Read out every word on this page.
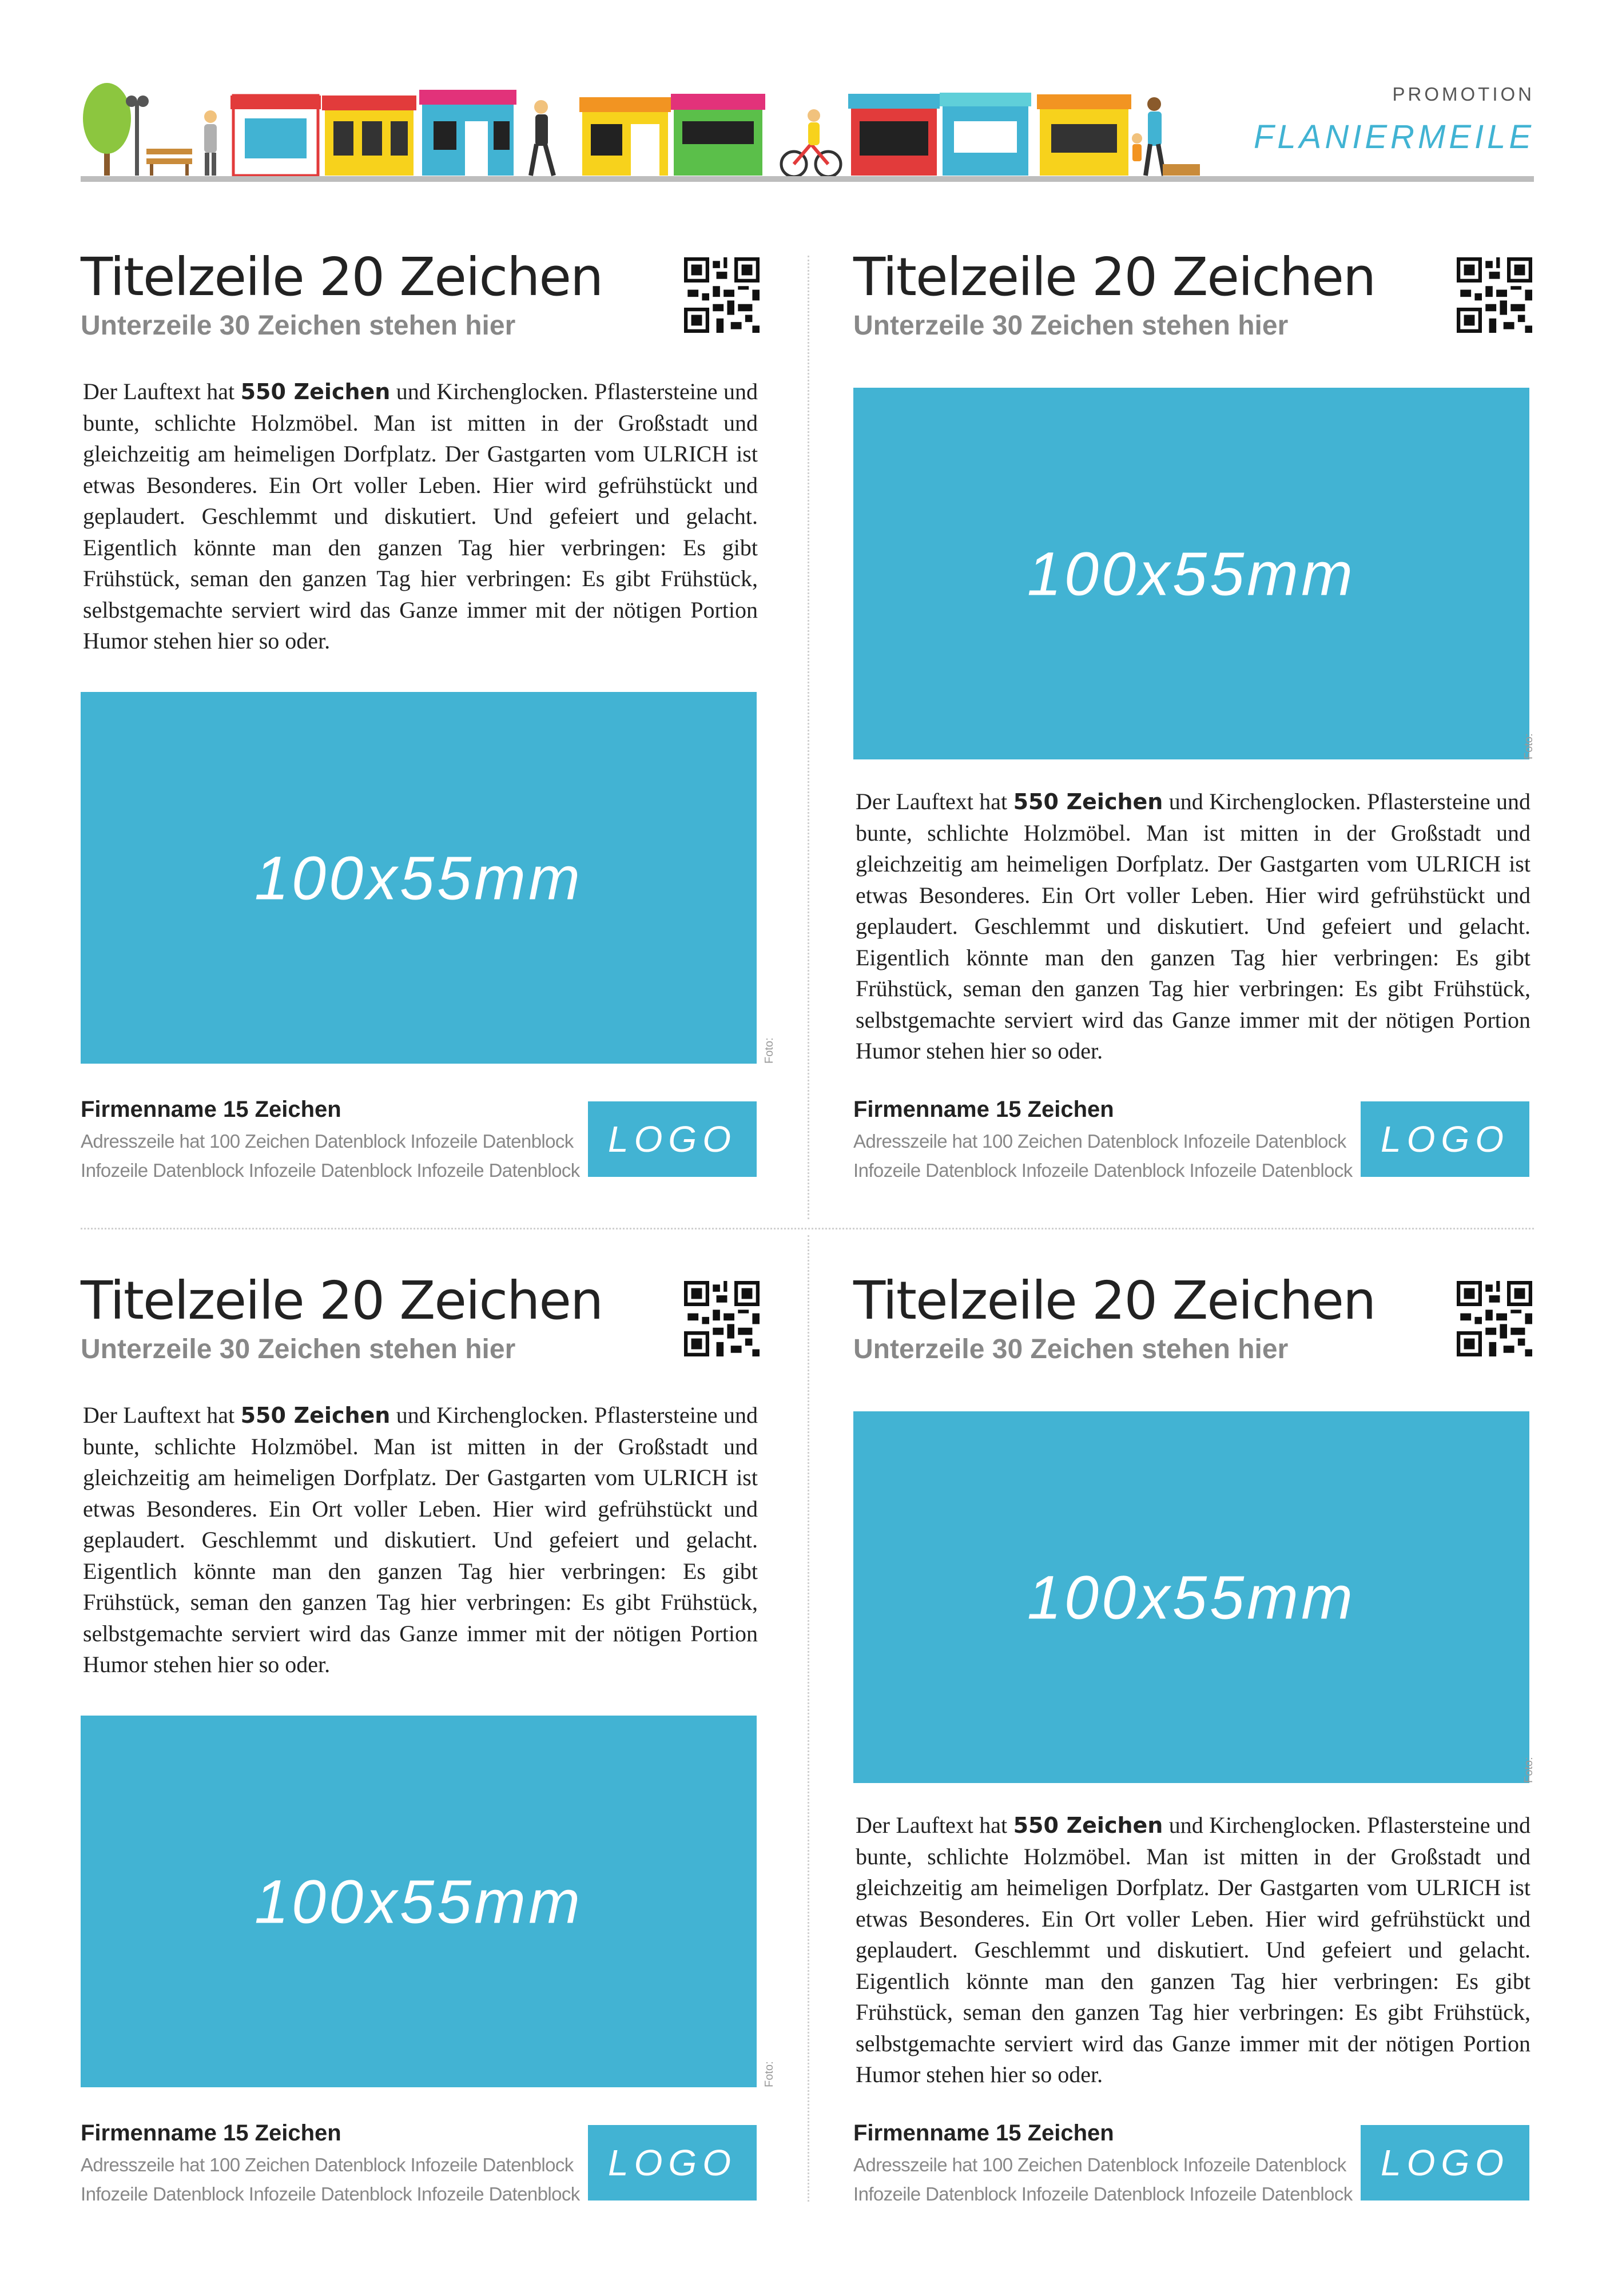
PROMOTION
FLANIERMEILE
Titelzeile 20 Zeichen
Unterzeile 30 Zeichen stehen hier
Der Lauftext hat 550 Zeichen und Kirchenglocken. Pflastersteine und bunte, schlichte Holzmöbel. Man ist mitten in der Großstadt und gleichzeitig am heimeligen Dorfplatz. Der Gastgarten vom ULRICH ist etwas Besonderes. Ein Ort voller Leben. Hier wird gefrühstückt und geplaudert. Geschlemmt und diskutiert. Und gefeiert und gelacht. Eigentlich könnte man den ganzen Tag hier verbringen: Es gibt Frühstück, seman den ganzen Tag hier verbringen: Es gibt Frühstück, selbstgemachte serviert wird das Ganze immer mit der nötigen Portion Humor stehen hier so oder.
100x55mm
Foto:
Firmenname 15 Zeichen
Adresszeile hat 100 Zeichen Datenblock Infozeile Datenblock
Infozeile Datenblock Infozeile Datenblock Infozeile Datenblock
LOGO
Titelzeile 20 Zeichen
Unterzeile 30 Zeichen stehen hier
100x55mm
Foto:
Der Lauftext hat 550 Zeichen und Kirchenglocken. Pflastersteine und bunte, schlichte Holzmöbel. Man ist mitten in der Großstadt und gleichzeitig am heimeligen Dorfplatz. Der Gastgarten vom ULRICH ist etwas Besonderes. Ein Ort voller Leben. Hier wird gefrühstückt und geplaudert. Geschlemmt und diskutiert. Und gefeiert und gelacht. Eigentlich könnte man den ganzen Tag hier verbringen: Es gibt Frühstück, seman den ganzen Tag hier verbringen: Es gibt Frühstück, selbstgemachte serviert wird das Ganze immer mit der nötigen Portion Humor stehen hier so oder.
Firmenname 15 Zeichen
Adresszeile hat 100 Zeichen Datenblock Infozeile Datenblock
Infozeile Datenblock Infozeile Datenblock Infozeile Datenblock
LOGO
Titelzeile 20 Zeichen
Unterzeile 30 Zeichen stehen hier
Der Lauftext hat 550 Zeichen und Kirchenglocken. Pflastersteine und bunte, schlichte Holzmöbel. Man ist mitten in der Großstadt und gleichzeitig am heimeligen Dorfplatz. Der Gastgarten vom ULRICH ist etwas Besonderes. Ein Ort voller Leben. Hier wird gefrühstückt und geplaudert. Geschlemmt und diskutiert. Und gefeiert und gelacht. Eigentlich könnte man den ganzen Tag hier verbringen: Es gibt Frühstück, seman den ganzen Tag hier verbringen: Es gibt Frühstück, selbstgemachte serviert wird das Ganze immer mit der nötigen Portion Humor stehen hier so oder.
100x55mm
Foto:
Firmenname 15 Zeichen
Adresszeile hat 100 Zeichen Datenblock Infozeile Datenblock
Infozeile Datenblock Infozeile Datenblock Infozeile Datenblock
LOGO
Titelzeile 20 Zeichen
Unterzeile 30 Zeichen stehen hier
100x55mm
Foto:
Der Lauftext hat 550 Zeichen und Kirchenglocken. Pflastersteine und bunte, schlichte Holzmöbel. Man ist mitten in der Großstadt und gleichzeitig am heimeligen Dorfplatz. Der Gastgarten vom ULRICH ist etwas Besonderes. Ein Ort voller Leben. Hier wird gefrühstückt und geplaudert. Geschlemmt und diskutiert. Und gefeiert und gelacht. Eigentlich könnte man den ganzen Tag hier verbringen: Es gibt Frühstück, seman den ganzen Tag hier verbringen: Es gibt Frühstück, selbstgemachte serviert wird das Ganze immer mit der nötigen Portion Humor stehen hier so oder.
Firmenname 15 Zeichen
Adresszeile hat 100 Zeichen Datenblock Infozeile Datenblock
Infozeile Datenblock Infozeile Datenblock Infozeile Datenblock
LOGO
